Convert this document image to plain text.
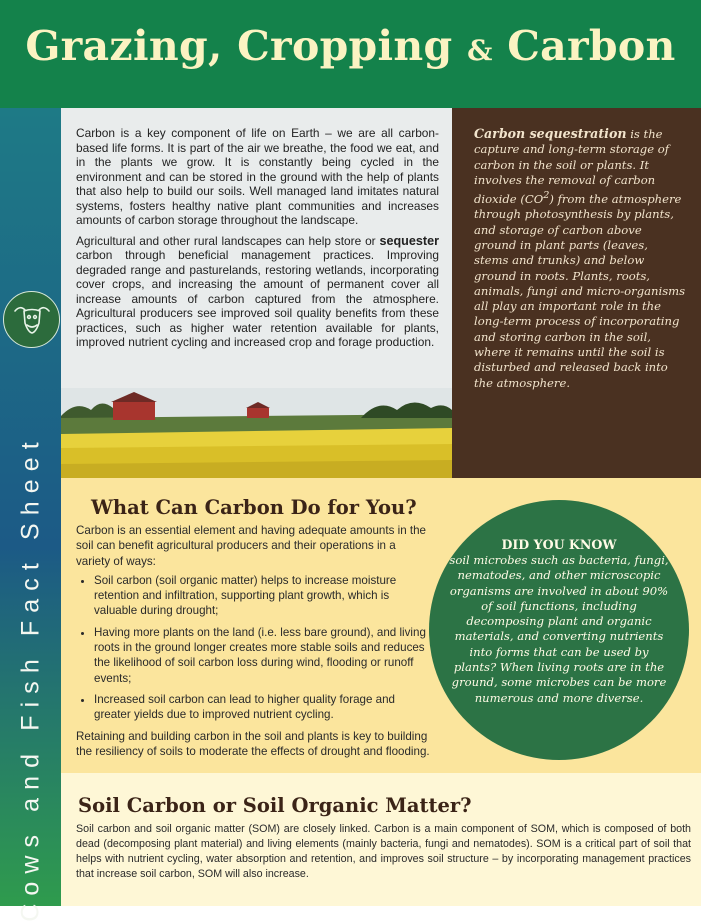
Grazing, Cropping & Carbon
Cows and Fish Fact Sheet

Carbon is a key component of life on Earth – we are all carbon-based life forms. It is part of the air we breathe, the food we eat, and in the plants we grow. It is constantly being cycled in the environment and can be stored in the ground with the help of plants that also help to build our soils. Well managed land imitates natural systems, fosters healthy native plant communities and increases amounts of carbon storage throughout the landscape.

Agricultural and other rural landscapes can help store or sequester carbon through beneficial management practices. Improving degraded range and pasturelands, restoring wetlands, incorporating cover crops, and increasing the amount of permanent cover all increase amounts of carbon captured from the atmosphere. Agricultural producers see improved soil quality benefits from these practices, such as higher water retention available for plants, improved nutrient cycling and increased crop and forage production.

Carbon sequestration is the capture and long-term storage of carbon in the soil or plants. It involves the removal of carbon dioxide $(CO^2)$ from the atmosphere through photosynthesis by plants, and storage of carbon above ground in plant parts (leaves, stems and trunks) and below ground in roots. Plants, roots, animals, fungi and micro-organisms all play an important role in the long-term process of incorporating and storing carbon in the soil, where it remains until the soil is disturbed and released back into the atmosphere.
What Can Carbon Do for You?

Carbon is an essential element and having adequate amounts in the soil can benefit agricultural producers and their operations in a variety of ways:

• Soil carbon (soil organic matter) helps to increase moisture retention and infiltration, supporting plant growth, which is valuable during drought;
• Having more plants on the land (i.e. less bare ground), and living roots in the ground longer creates more stable soils and reduces the likelihood of soil carbon loss during wind, flooding or runoff events;
• Increased soil carbon can lead to higher quality forage and greater yields due to improved nutrient cycling.

Retaining and building carbon in the soil and plants is key to building the resiliency of soils to moderate the effects of drought and flooding.

DID YOU KNOW
soil microbes such as bacteria, fungi, nematodes, and other microscopic organisms are involved in about 90% of soil functions, including decomposing plant and organic materials, and converting nutrients into forms that can be used by plants? When living roots are in the ground, some microbes can be more numerous and more diverse.
Soil Carbon or Soil Organic Matter?
Soil carbon and soil organic matter (SOM) are closely linked. Carbon is a main component of SOM, which is composed of both dead (decomposing plant material) and living elements (mainly bacteria, fungi and nematodes). SOM is a critical part of soil that helps with nutrient cycling, water absorption and retention, and improves soil structure – by incorporating management practices that increase soil carbon, SOM will also increase.
